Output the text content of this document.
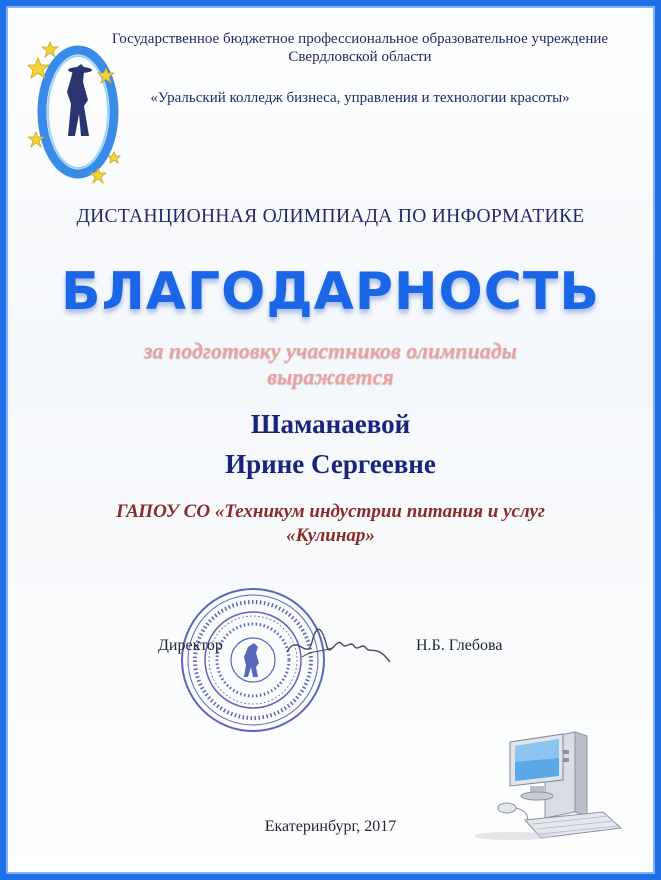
Государственное бюджетное профессиональное образовательное учреждение
Свердловской области
«Уральский колледж бизнеса, управления и технологии красоты»
ДИСТАНЦИОННАЯ ОЛИМПИАДА ПО ИНФОРМАТИКЕ
БЛАГОДАРНОСТЬ
за подготовку участников олимпиады
выражается
Шаманаевой
Ирине Сергеевне
ГАПОУ СО «Техникум индустрии питания и услуг
«Кулинар»
Директор	Н.Б. Глебова
Екатеринбург, 2017
